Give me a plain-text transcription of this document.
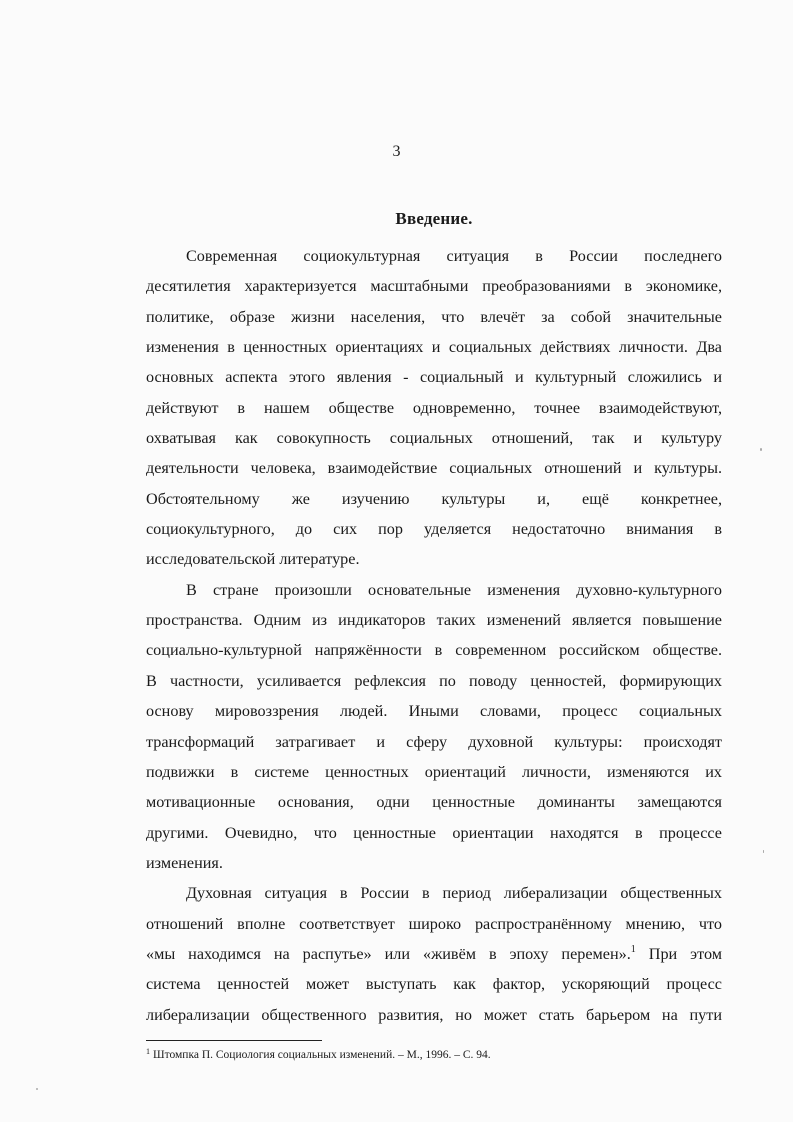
3
Введение.
Современная социокультурная ситуация в России последнего
десятилетия характеризуется масштабными преобразованиями в экономике,
политике, образе жизни населения, что влечёт за собой значительные
изменения в ценностных ориентациях и социальных действиях личности. Два
основных аспекта этого явления - социальный и культурный сложились и
действуют в нашем обществе одновременно, точнее взаимодействуют,
охватывая как совокупность социальных отношений, так и культуру
деятельности человека, взаимодействие социальных отношений и культуры.
Обстоятельному же изучению культуры и, ещё конкретнее,
социокультурного, до сих пор уделяется недостаточно внимания в
исследовательской литературе.
В стране произошли основательные изменения духовно-культурного
пространства. Одним из индикаторов таких изменений является повышение
социально-культурной напряжённости в современном российском обществе.
В частности, усиливается рефлексия по поводу ценностей, формирующих
основу мировоззрения людей. Иными словами, процесс социальных
трансформаций затрагивает и сферу духовной культуры: происходят
подвижки в системе ценностных ориентаций личности, изменяются их
мотивационные основания, одни ценностные доминанты замещаются
другими. Очевидно, что ценностные ориентации находятся в процессе
изменения.
Духовная ситуация в России в период либерализации общественных
отношений вполне соответствует широко распространённому мнению, что
«мы находимся на распутье» или «живём в эпоху перемен».$^1$ При этом
система ценностей может выступать как фактор, ускоряющий процесс
либерализации общественного развития, но может стать барьером на пути
$^1$ Штомпка П. Социология социальных изменений. – М., 1996. – С. 94.
